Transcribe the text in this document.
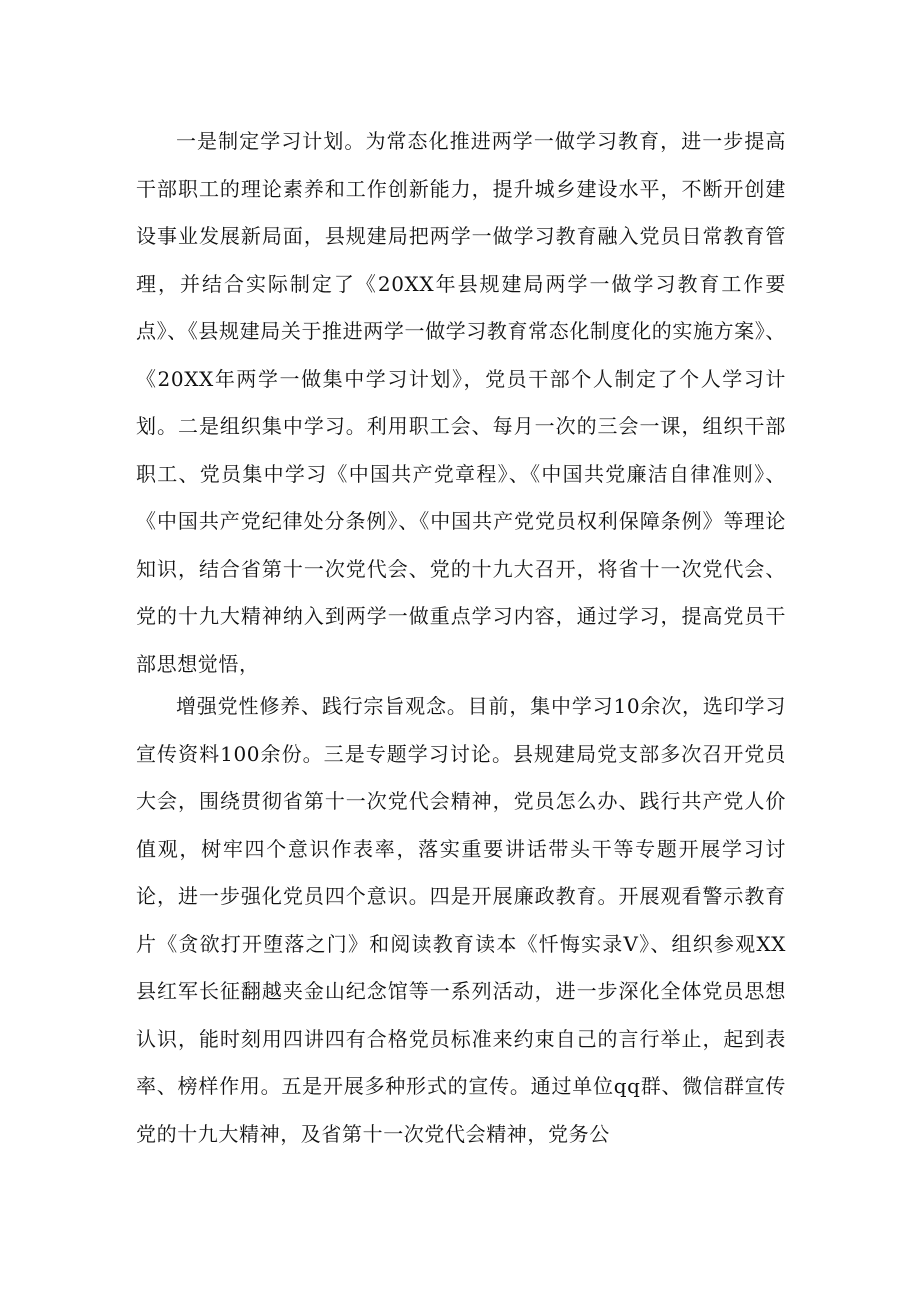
一是制定学习计划。为常态化推进两学一做学习教育，进一步提高干部职工的理论素养和工作创新能力，提升城乡建设水平，不断开创建设事业发展新局面，县规建局把两学一做学习教育融入党员日常教育管理，并结合实际制定了《20XX年县规建局两学一做学习教育工作要点》、《县规建局关于推进两学一做学习教育常态化制度化的实施方案》、《20XX年两学一做集中学习计划》，党员干部个人制定了个人学习计划。二是组织集中学习。利用职工会、每月一次的三会一课，组织干部职工、党员集中学习《中国共产党章程》、《中国共党廉洁自律准则》、《中国共产党纪律处分条例》、《中国共产党党员权利保障条例》等理论知识，结合省第十一次党代会、党的十九大召开，将省十一次党代会、党的十九大精神纳入到两学一做重点学习内容，通过学习，提高党员干部思想觉悟，

增强党性修养、践行宗旨观念。目前，集中学习10余次，选印学习宣传资料100余份。三是专题学习讨论。县规建局党支部多次召开党员大会，围绕贯彻省第十一次党代会精神，党员怎么办、践行共产党人价值观，树牢四个意识作表率，落实重要讲话带头干等专题开展学习讨论，进一步强化党员四个意识。四是开展廉政教育。开展观看警示教育片《贪欲打开堕落之门》和阅读教育读本《忏悔实录V》、组织参观XX县红军长征翻越夹金山纪念馆等一系列活动，进一步深化全体党员思想认识，能时刻用四讲四有合格党员标准来约束自己的言行举止，起到表率、榜样作用。五是开展多种形式的宣传。通过单位qq群、微信群宣传党的十九大精神，及省第十一次党代会精神，党务公
